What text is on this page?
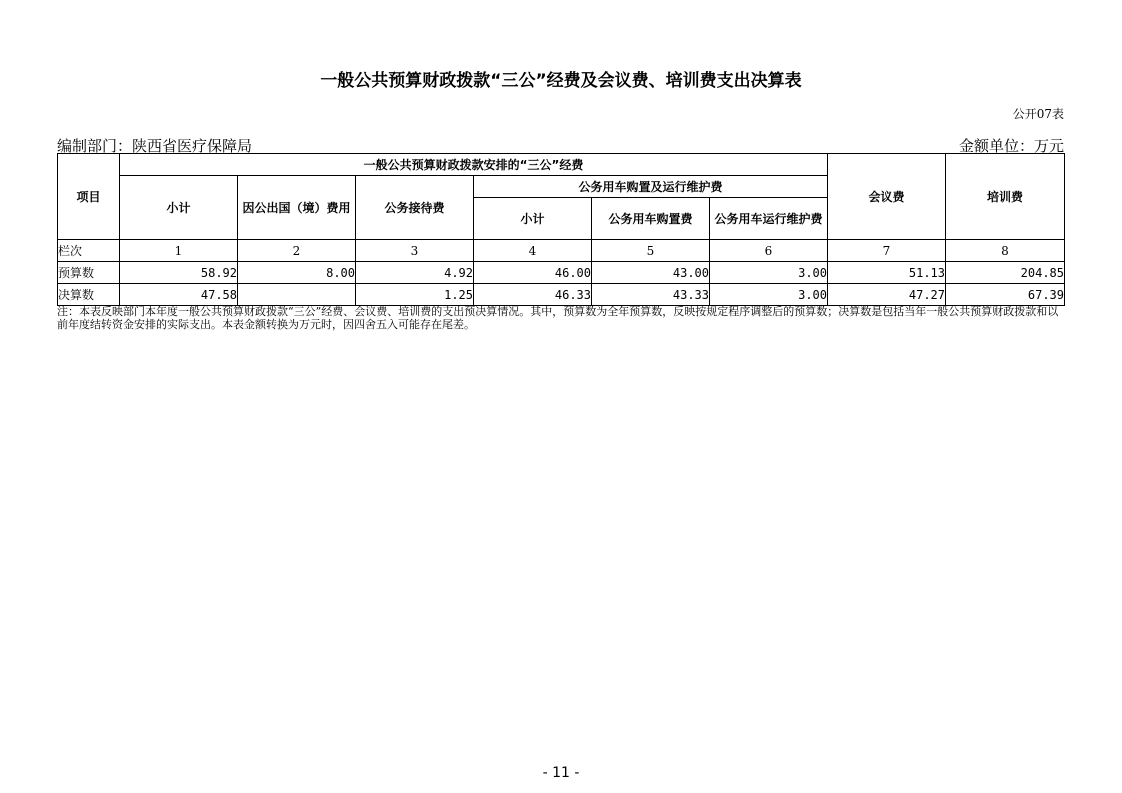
一般公共预算财政拨款“三公”经费及会议费、培训费支出决算表
公开07表
编制部门：陕西省医疗保障局	金额单位：万元
项目	一般公共预算财政拨款安排的“三公”经费						会议费	培训费
	小计	因公出国（境）费用	公务接待费	公务用车购置及运行维护费				
				小计	公务用车购置费	公务用车运行维护费		
栏次	1	2	3	4	5	6	7	8
预算数	58.92	8.00	4.92	46.00	43.00	3.00	51.13	204.85
决算数	47.58		1.25	46.33	43.33	3.00	47.27	67.39
注：本表反映部门本年度一般公共预算财政拨款“三公”经费、会议费、培训费的支出预决算情况。其中，预算数为全年预算数，反映按规定程序调整后的预算数；决算数是包括当年一般公共预算财政拨款和以前年度结转资金安排的实际支出。本表金额转换为万元时，因四舍五入可能存在尾差。
- 11 -
